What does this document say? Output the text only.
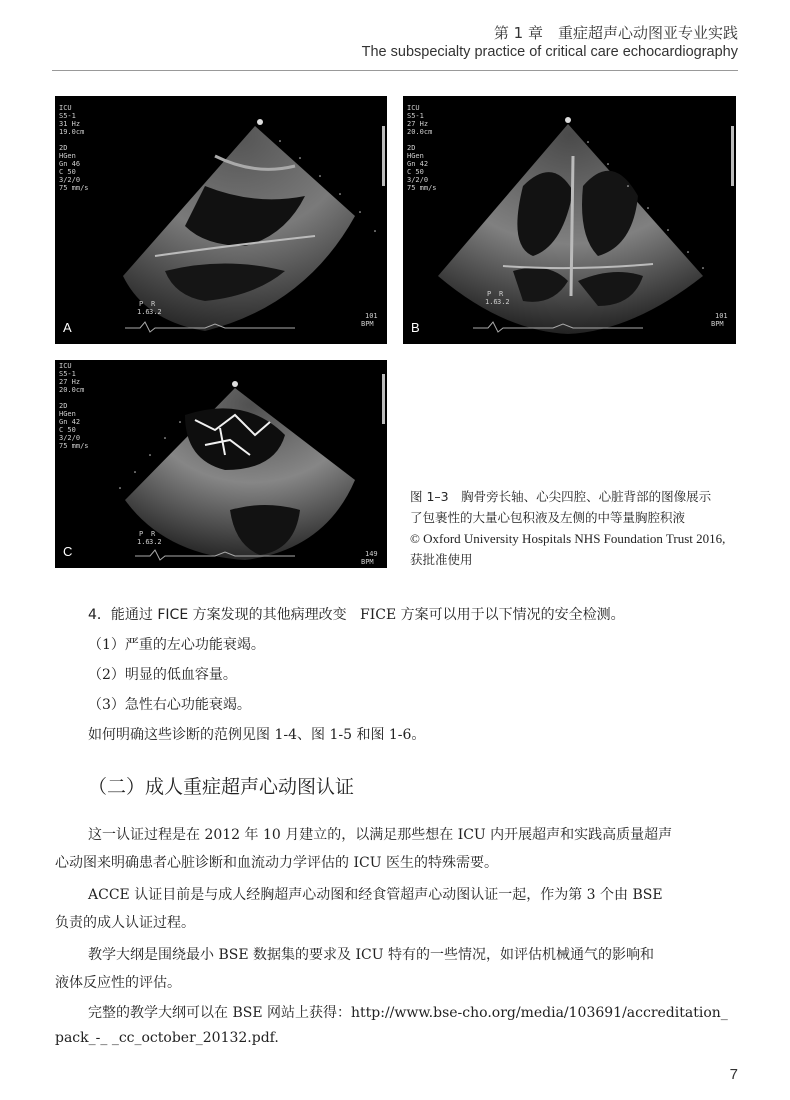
第 1 章　重症超声心动图亚专业实践
The subspecialty practice of critical care echocardiography
ICU
S5-1
31 Hz
19.0cm
2D
HGen
Gn 46
C 50
3/2/0
75 mm/s
P R
1.6 3.2	101
BPM
A
ICU
S5-1
27 Hz
20.0cm
2D
HGen
Gn 42
C 50
3/2/0
75 mm/s
P R
1.6 3.2
101
BPM
B
ICU
S5-1
27 Hz
20.0cm
2D
HGen
Gn 42
C 50
3/2/0
75 mm/s
P R
1.6 3.2
149
BPM
C
图 1–3　胸骨旁长轴、心尖四腔、心脏背部的图像展示
了包裹性的大量心包积液及左侧的中等量胸腔积液
© Oxford University Hospitals NHS Foundation Trust 2016,
获批准使用
4．能通过 FICE 方案发现的其他病理改变 FICE 方案可以用于以下情况的安全检测。
（1）严重的左心功能衰竭。
（2）明显的低血容量。
（3）急性右心功能衰竭。
如何明确这些诊断的范例见图 1-4、图 1-5 和图 1-6。
（二）成人重症超声心动图认证
这一认证过程是在 2012 年 10 月建立的，以满足那些想在 ICU 内开展超声和实践高质量超声
心动图来明确患者心脏诊断和血流动力学评估的 ICU 医生的特殊需要。
ACCE 认证目前是与成人经胸超声心动图和经食管超声心动图认证一起，作为第 3 个由 BSE
负责的成人认证过程。
教学大纲是围绕最小 BSE 数据集的要求及 ICU 特有的一些情况，如评估机械通气的影响和
液体反应性的评估。
完整的教学大纲可以在 BSE 网站上获得：http://www.bse-cho.org/media/103691/accreditation_
pack_-_ _cc_october_20132.pdf.
7
